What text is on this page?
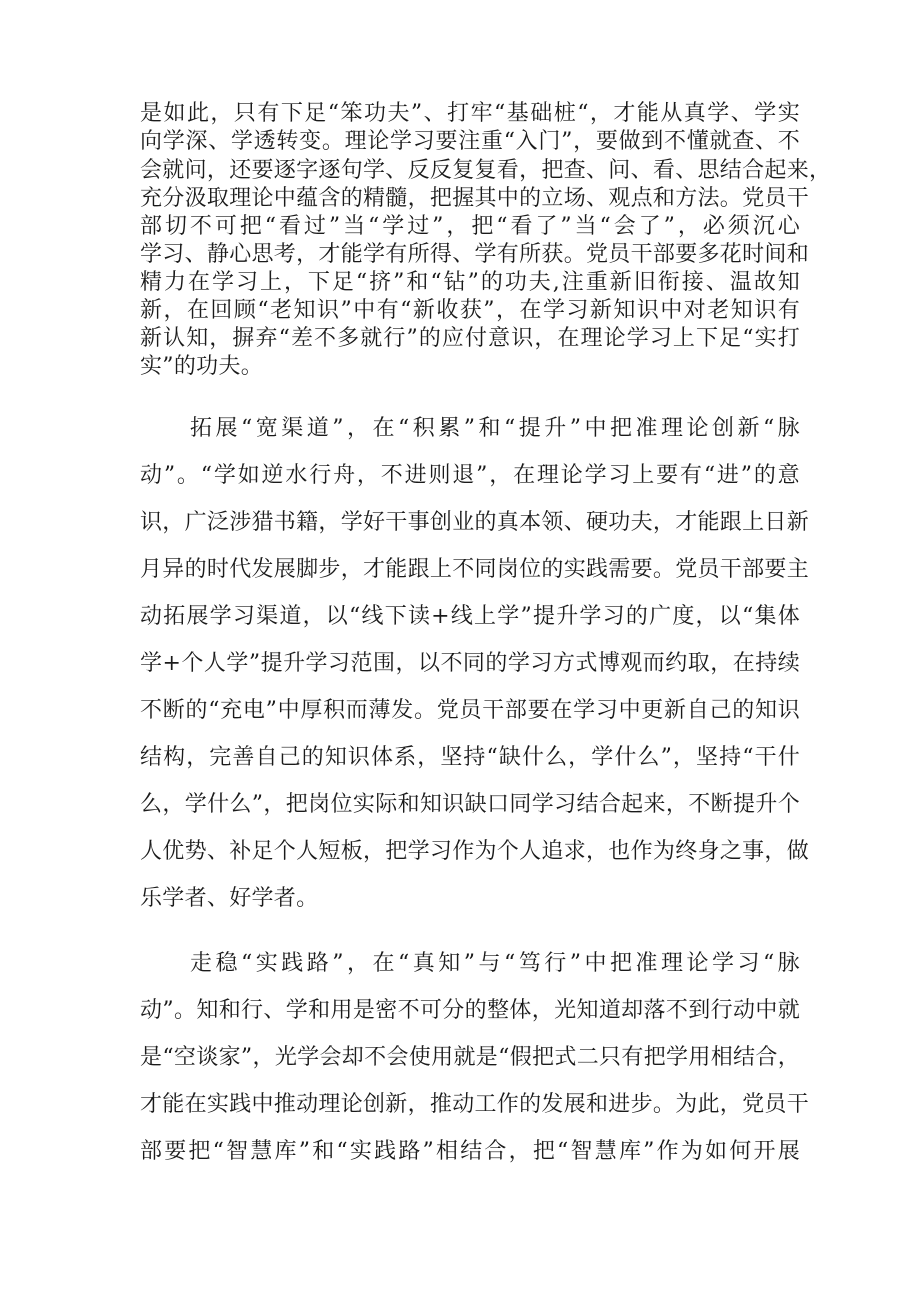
是如此，只有下足“笨功夫”、打牢“基础桩“，才能从真学、学实
向学深、学透转变。理论学习要注重“入门”，要做到不懂就查、不
会就问，还要逐字逐句学、反反复复看，把查、问、看、思结合起来，
充分汲取理论中蕴含的精髓，把握其中的立场、观点和方法。党员干
部切不可把“看过”当“学过”，把“看了”当“会了”，必须沉心
学习、静心思考，才能学有所得、学有所获。党员干部要多花时间和
精力在学习上，下足“挤”和“钻”的功夫,注重新旧衔接、温故知
新，在回顾“老知识”中有“新收获”，在学习新知识中对老知识有
新认知，摒弃“差不多就行”的应付意识，在理论学习上下足“实打
实”的功夫。
拓展“宽渠道”，在“积累”和“提升”中把准理论创新“脉
动”。“学如逆水行舟，不进则退”，在理论学习上要有“进”的意
识，广泛涉猎书籍，学好干事创业的真本领、硬功夫，才能跟上日新
月异的时代发展脚步，才能跟上不同岗位的实践需要。党员干部要主
动拓展学习渠道，以“线下读+线上学”提升学习的广度，以“集体
学+个人学”提升学习范围，以不同的学习方式博观而约取，在持续
不断的“充电”中厚积而薄发。党员干部要在学习中更新自己的知识
结构，完善自己的知识体系，坚持“缺什么，学什么”，坚持“干什
么，学什么”，把岗位实际和知识缺口同学习结合起来，不断提升个
人优势、补足个人短板，把学习作为个人追求，也作为终身之事，做
乐学者、好学者。
走稳“实践路”，在“真知”与“笃行”中把准理论学习“脉
动”。知和行、学和用是密不可分的整体，光知道却落不到行动中就
是“空谈家”，光学会却不会使用就是“假把式二只有把学用相结合，
才能在实践中推动理论创新，推动工作的发展和进步。为此，党员干
部要把“智慧库”和“实践路”相结合，把“智慧库”作为如何开展
